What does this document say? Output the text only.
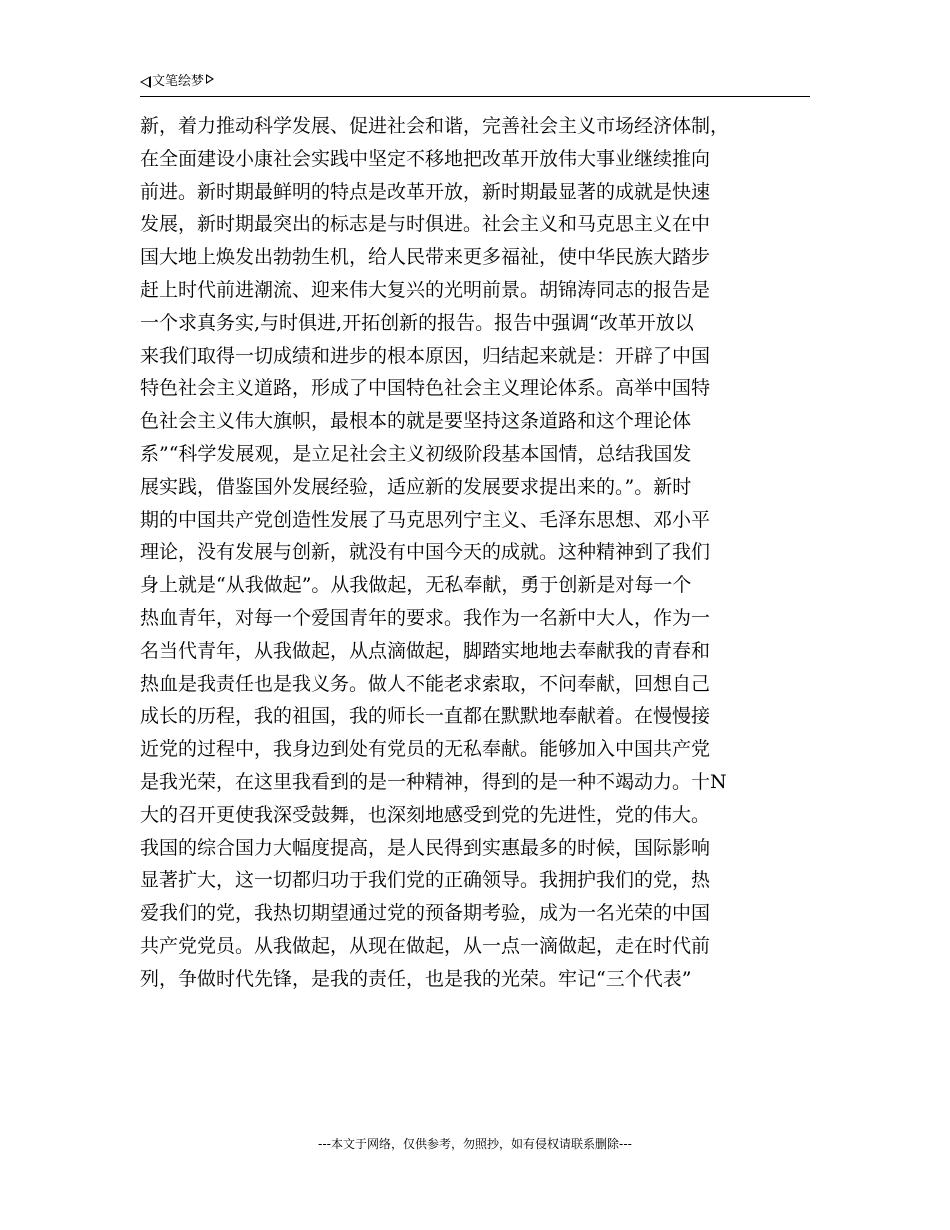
文笔绘梦
新，着力推动科学发展、促进社会和谐，完善社会主义市场经济体制，
在全面建设小康社会实践中坚定不移地把改革开放伟大事业继续推向
前进。新时期最鲜明的特点是改革开放，新时期最显著的成就是快速
发展，新时期最突出的标志是与时俱进。社会主义和马克思主义在中
国大地上焕发出勃勃生机，给人民带来更多福祉，使中华民族大踏步
赶上时代前进潮流、迎来伟大复兴的光明前景。胡锦涛同志的报告是
一个求真务实,与时俱进,开拓创新的报告。报告中强调“改革开放以
来我们取得一切成绩和进步的根本原因，归结起来就是：开辟了中国
特色社会主义道路，形成了中国特色社会主义理论体系。高举中国特
色社会主义伟大旗帜，最根本的就是要坚持这条道路和这个理论体
系”“科学发展观，是立足社会主义初级阶段基本国情，总结我国发
展实践，借鉴国外发展经验，适应新的发展要求提出来的。”。新时
期的中国共产党创造性发展了马克思列宁主义、毛泽东思想、邓小平
理论，没有发展与创新，就没有中国今天的成就。这种精神到了我们
身上就是“从我做起”。从我做起，无私奉献，勇于创新是对每一个
热血青年，对每一个爱国青年的要求。我作为一名新中大人，作为一
名当代青年，从我做起，从点滴做起，脚踏实地地去奉献我的青春和
热血是我责任也是我义务。做人不能老求索取，不问奉献，回想自己
成长的历程，我的祖国，我的师长一直都在默默地奉献着。在慢慢接
近党的过程中，我身边到处有党员的无私奉献。能够加入中国共产党
是我光荣，在这里我看到的是一种精神，得到的是一种不竭动力。十N
大的召开更使我深受鼓舞，也深刻地感受到党的先进性，党的伟大。
我国的综合国力大幅度提高，是人民得到实惠最多的时候，国际影响
显著扩大，这一切都归功于我们党的正确领导。我拥护我们的党，热
爱我们的党，我热切期望通过党的预备期考验，成为一名光荣的中国
共产党党员。从我做起，从现在做起，从一点一滴做起，走在时代前
列，争做时代先锋，是我的责任，也是我的光荣。牢记“三个代表”
---本文于网络，仅供参考，勿照抄，如有侵权请联系删除---
